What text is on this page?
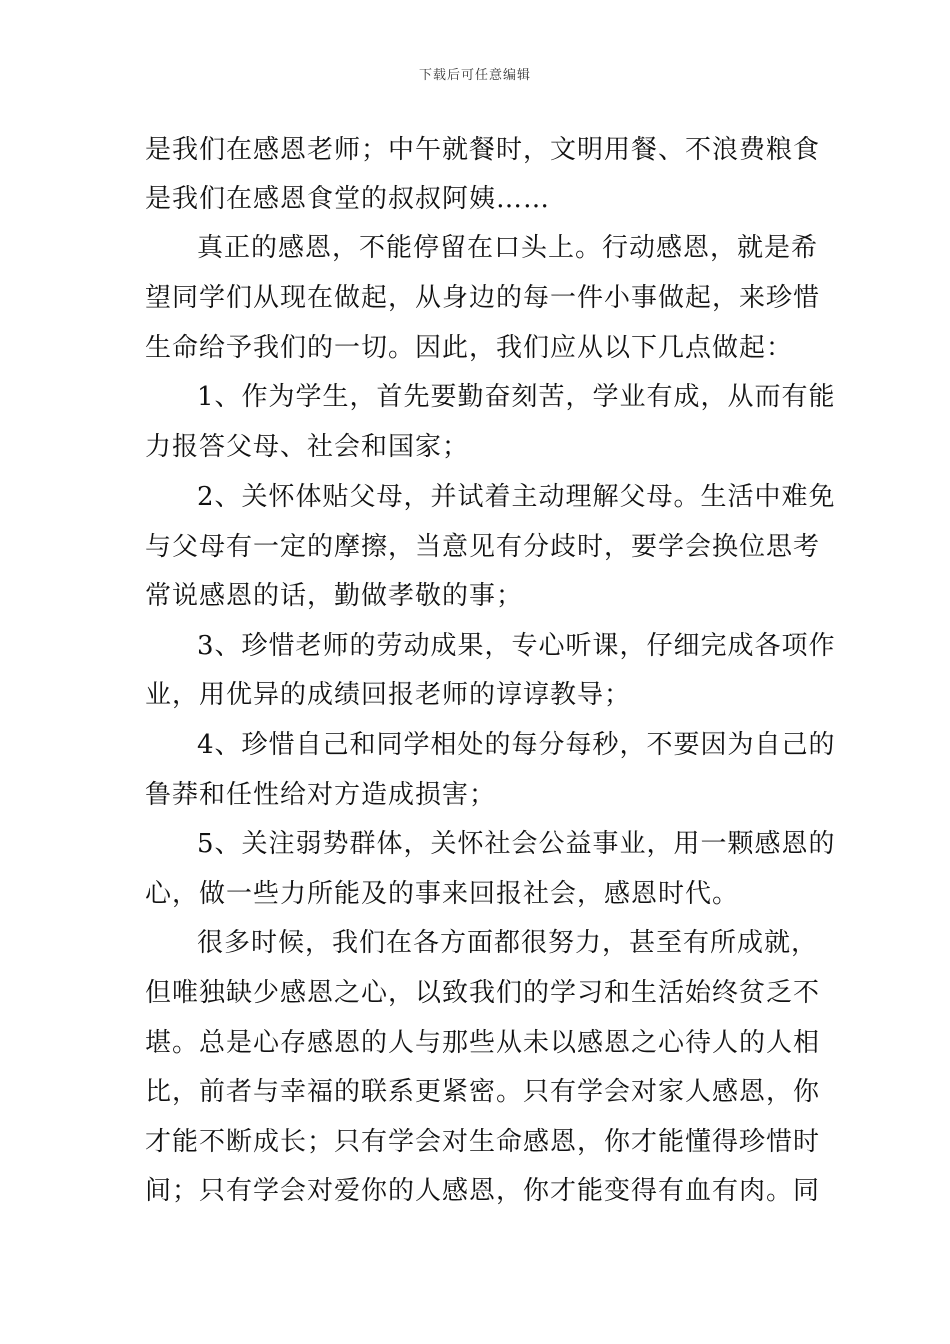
下载后可任意编辑
是我们在感恩老师；中午就餐时，文明用餐、不浪费粮食
是我们在感恩食堂的叔叔阿姨……
真正的感恩，不能停留在口头上。行动感恩，就是希
望同学们从现在做起，从身边的每一件小事做起，来珍惜
生命给予我们的一切。因此，我们应从以下几点做起：
1、作为学生，首先要勤奋刻苦，学业有成，从而有能
力报答父母、社会和国家；
2、关怀体贴父母，并试着主动理解父母。生活中难免
与父母有一定的摩擦，当意见有分歧时，要学会换位思考
常说感恩的话，勤做孝敬的事；
3、珍惜老师的劳动成果，专心听课，仔细完成各项作
业，用优异的成绩回报老师的谆谆教导；
4、珍惜自己和同学相处的每分每秒，不要因为自己的
鲁莽和任性给对方造成损害；
5、关注弱势群体，关怀社会公益事业，用一颗感恩的
心，做一些力所能及的事来回报社会，感恩时代。
很多时候，我们在各方面都很努力，甚至有所成就，
但唯独缺少感恩之心，以致我们的学习和生活始终贫乏不
堪。总是心存感恩的人与那些从未以感恩之心待人的人相
比，前者与幸福的联系更紧密。只有学会对家人感恩，你
才能不断成长；只有学会对生命感恩，你才能懂得珍惜时
间；只有学会对爱你的人感恩，你才能变得有血有肉。同
